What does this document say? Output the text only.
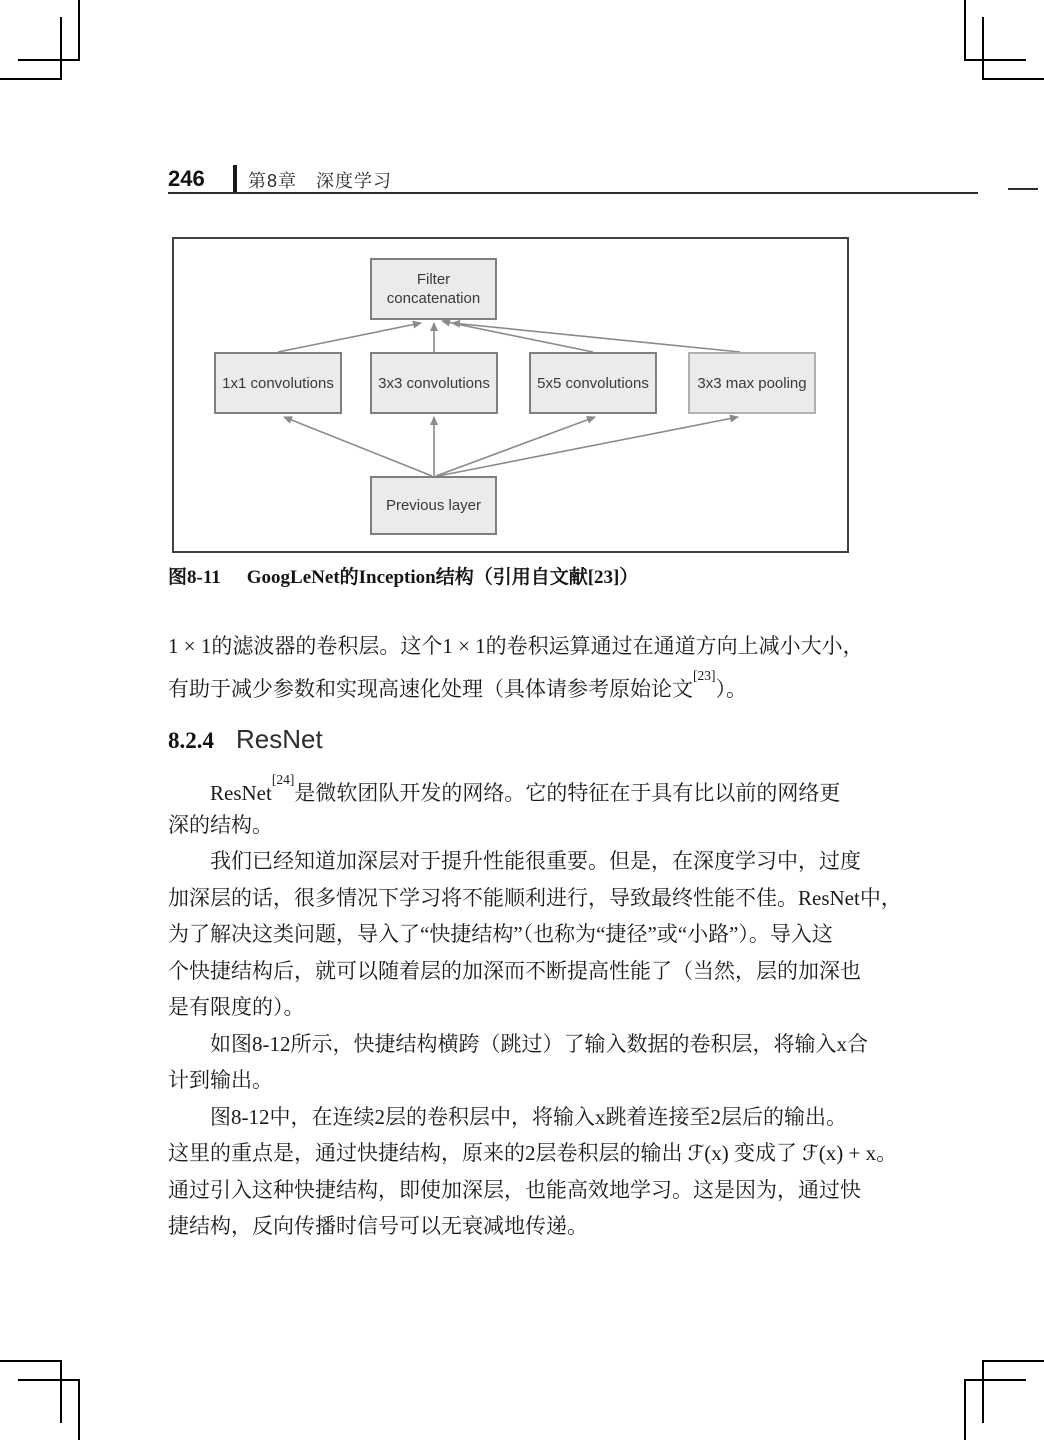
246 第8章　深度学习
Filter concatenation
1x1 convolutions	3x3 convolutions	5x5 convolutions	3x3 max pooling
Previous layer
图8-11 GoogLeNet的Inception结构（引用自文献[23]）
1 × 1的滤波器的卷积层。这个1 × 1的卷积运算通过在通道方向上减小大小，
有助于减少参数和实现高速化处理（具体请参考原始论文[23]）。
8.2.4 ResNet
ResNet[24]是微软团队开发的网络。它的特征在于具有比以前的网络更
深的结构。
我们已经知道加深层对于提升性能很重要。但是，在深度学习中，过度
加深层的话，很多情况下学习将不能顺利进行，导致最终性能不佳。ResNet中，
为了解决这类问题，导入了“快捷结构”（也称为“捷径”或“小路”）。导入这
个快捷结构后，就可以随着层的加深而不断提高性能了（当然，层的加深也
是有限度的）。
如图8-12所示，快捷结构横跨（跳过）了输入数据的卷积层，将输入x合
计到输出。
图8-12中，在连续2层的卷积层中，将输入x跳着连接至2层后的输出。
这里的重点是，通过快捷结构，原来的2层卷积层的输出 ℱ(x) 变成了 ℱ(x) + x。
通过引入这种快捷结构，即使加深层，也能高效地学习。这是因为，通过快
捷结构，反向传播时信号可以无衰减地传递。
